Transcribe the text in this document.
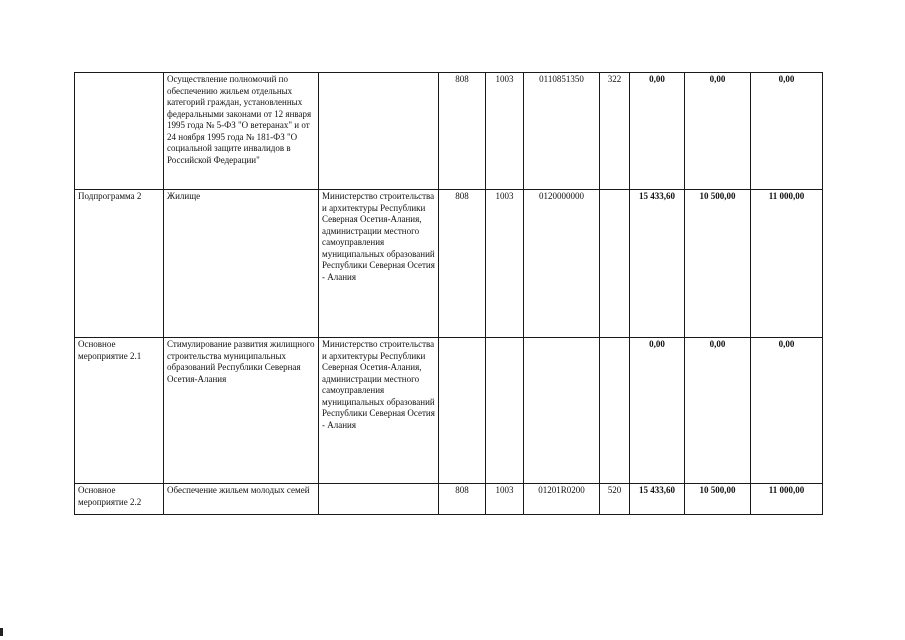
	Осуществление полномочий по обеспечению жильем отдельных категорий граждан, установленных федеральными законами от 12 января 1995 года № 5-ФЗ "О ветеранах" и от 24 ноября 1995 года № 181-ФЗ "О социальной защите инвалидов в Российской Федерации"		808	1003	0110851350	322	0,00	0,00	0,00
Подпрограмма 2	Жилище	Министерство строительства и архитектуры Республики Северная Осетия-Алания, администрации местного самоуправления муниципальных образований Республики Северная Осетия - Алания	808	1003	0120000000		15 433,60	10 500,00	11 000,00
Основное мероприятие 2.1	Стимулирование развития жилищного строительства муниципальных образований Республики Северная Осетия-Алания	Министерство строительства и архитектуры Республики Северная Осетия-Алания, администрации местного самоуправления муниципальных образований Республики Северная Осетия - Алания					0,00	0,00	0,00
Основное мероприятие 2.2	Обеспечение жильем молодых семей		808	1003	01201R0200	520	15 433,60	10 500,00	11 000,00
